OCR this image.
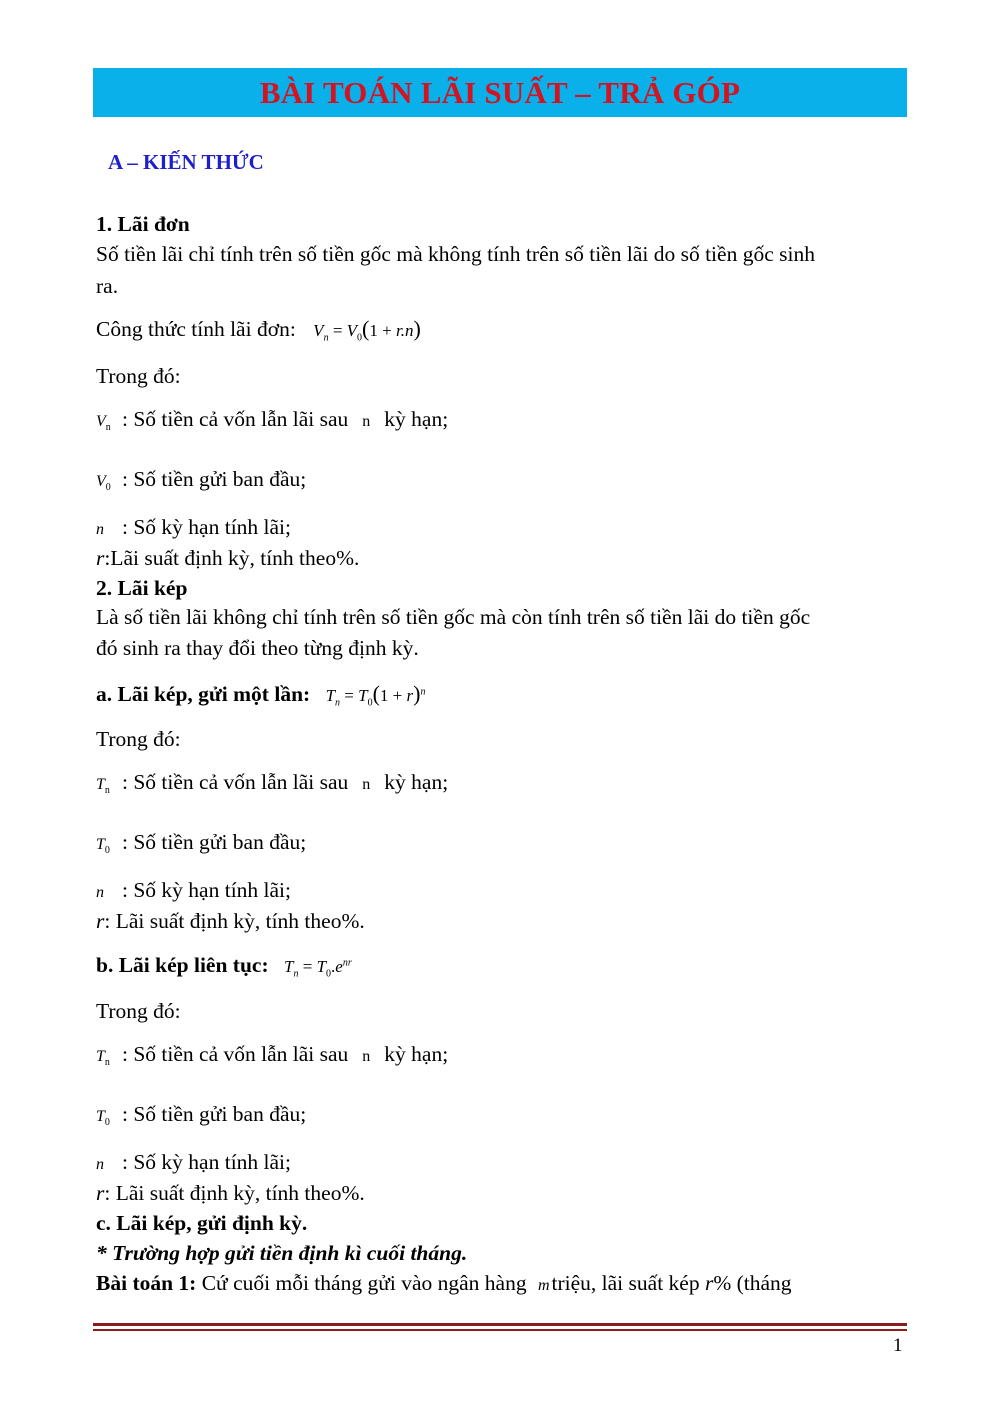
BÀI TOÁN LÃI SUẤT – TRẢ GÓP
A – KIẾN THỨC
1. Lãi đơn
Số tiền lãi chỉ tính trên số tiền gốc mà không tính trên số tiền lãi do số tiền gốc sinh
ra.
Công thức tính lãi đơn: $V_n = V_0(1 + r.n)$
Trong đó:
$V_n$ : Số tiền cả vốn lẫn lãi sau n kỳ hạn;
$V_0$ : Số tiền gửi ban đầu;
n : Số kỳ hạn tính lãi;
r:Lãi suất định kỳ, tính theo%.
2. Lãi kép
Là số tiền lãi không chỉ tính trên số tiền gốc mà còn tính trên số tiền lãi do tiền gốc
đó sinh ra thay đổi theo từng định kỳ.
a. Lãi kép, gửi một lần: $T_n = T_0(1 + r)^n$
Trong đó:
$T_n$ : Số tiền cả vốn lẫn lãi sau n kỳ hạn;
$T_0$ : Số tiền gửi ban đầu;
n : Số kỳ hạn tính lãi;
r: Lãi suất định kỳ, tính theo%.
b. Lãi kép liên tục: $T_n = T_0.e^{nr}$
Trong đó:
$T_n$ : Số tiền cả vốn lẫn lãi sau n kỳ hạn;
$T_0$ : Số tiền gửi ban đầu;
n : Số kỳ hạn tính lãi;
r: Lãi suất định kỳ, tính theo%.
c. Lãi kép, gửi định kỳ.
* Trường hợp gửi tiền định kì cuối tháng.
Bài toán 1: Cứ cuối mỗi tháng gửi vào ngân hàng mtriệu, lãi suất kép r% (tháng
1
